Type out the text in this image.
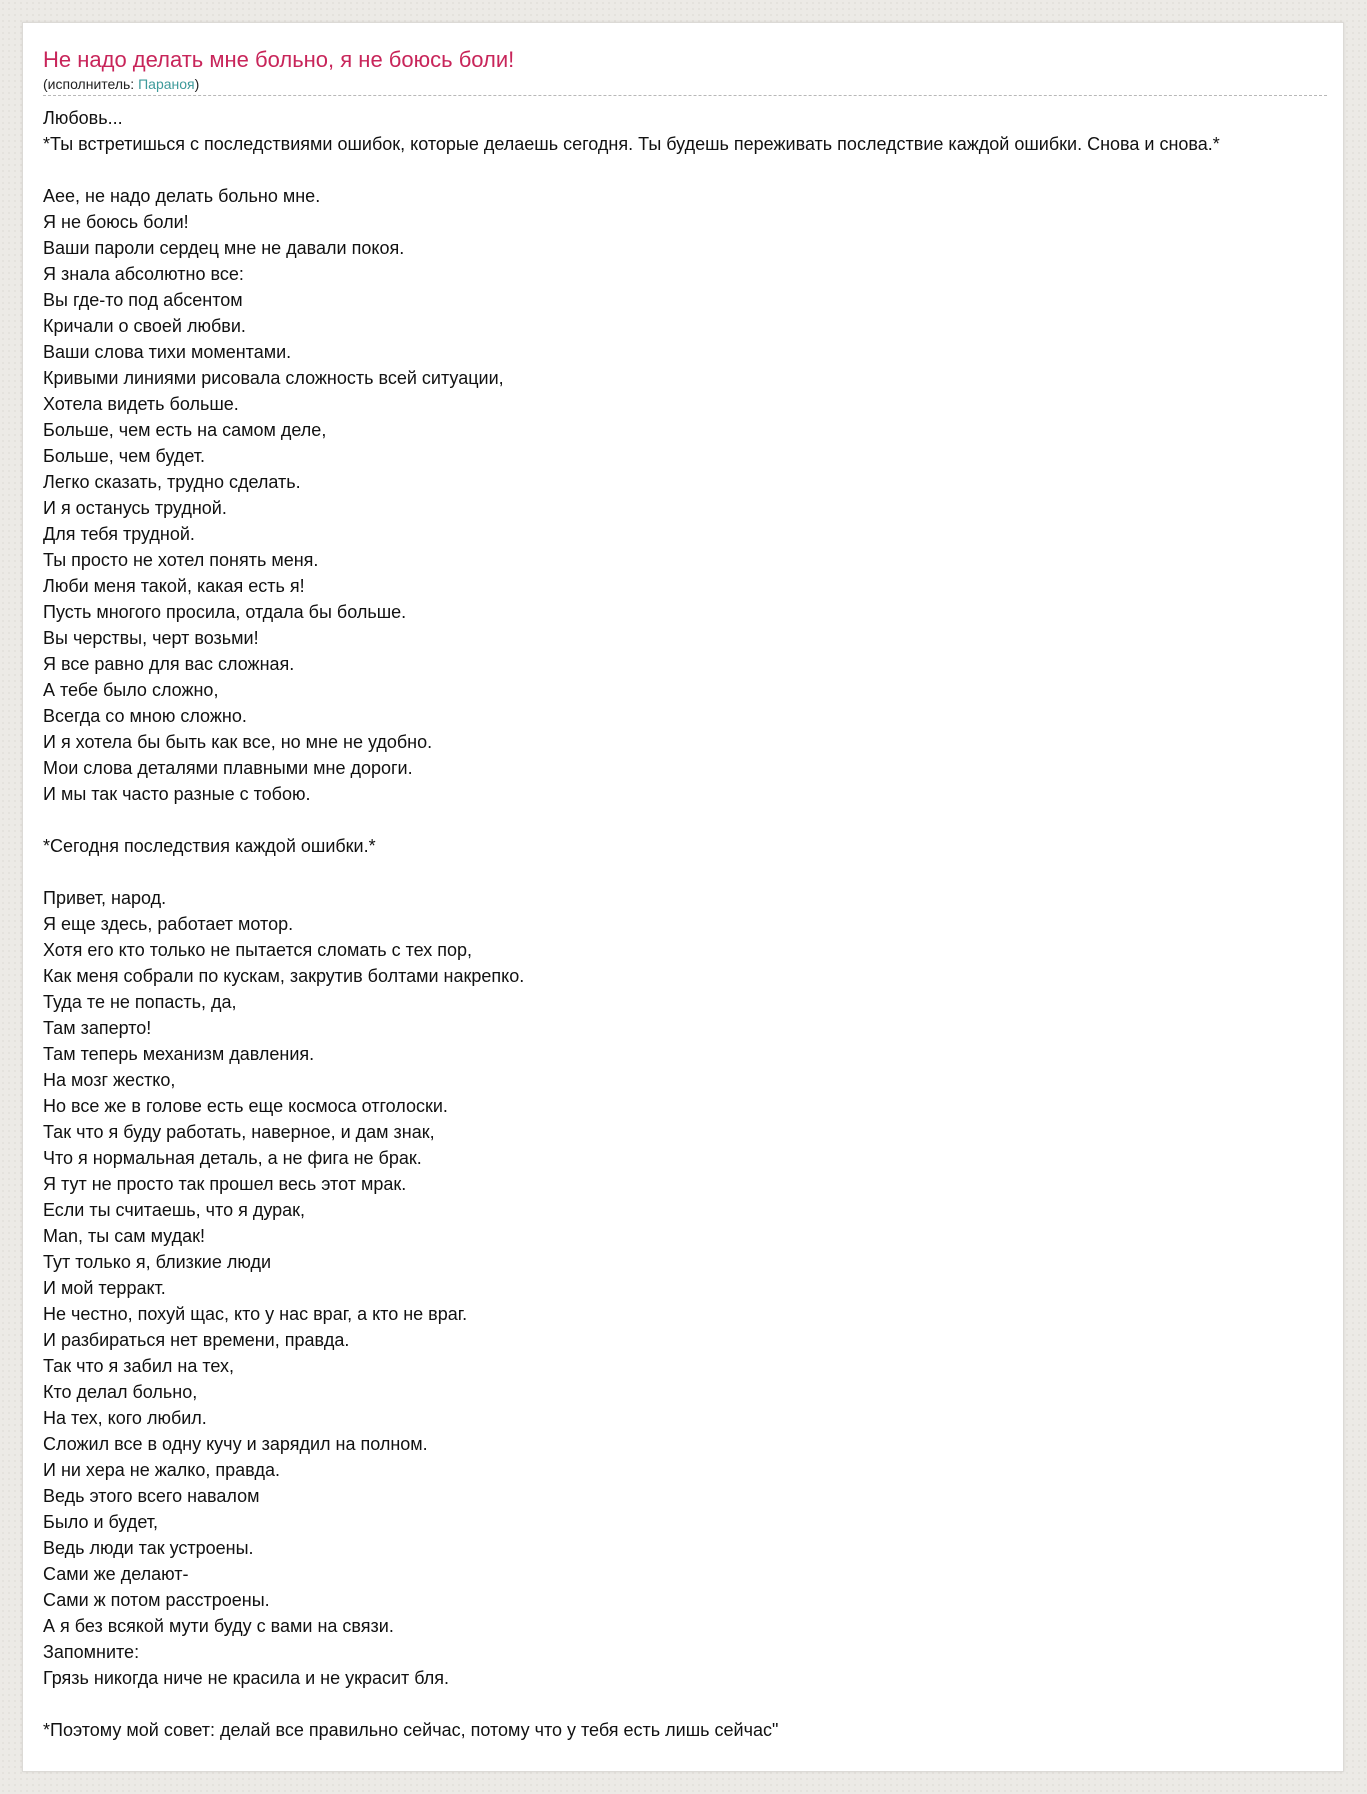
Не надо делать мне больно, я не боюсь боли!
(исполнитель: Параноя)
Любовь...
*Ты встретишься с последствиями ошибок, которые делаешь сегодня. Ты будешь переживать последствие каждой ошибки. Снова и снова.*
Аее, не надо делать больно мне.
Я не боюсь боли!
Ваши пароли сердец мне не давали покоя.
Я знала абсолютно все:
Вы где-то под абсентом
Кричали о своей любви.
Ваши слова тихи моментами.
Кривыми линиями рисовала сложность всей ситуации,
Хотела видеть больше.
Больше, чем есть на самом деле,
Больше, чем будет.
Легко сказать, трудно сделать.
И я останусь трудной.
Для тебя трудной.
Ты просто не хотел понять меня.
Люби меня такой, какая есть я!
Пусть многого просила, отдала бы больше.
Вы черствы, черт возьми!
Я все равно для вас сложная.
А тебе было сложно,
Всегда со мною сложно.
И я хотела бы быть как все, но мне не удобно.
Мои слова деталями плавными мне дороги.
И мы так часто разные с тобою.
*Сегодня последствия каждой ошибки.*
Привет, народ.
Я еще здесь, работает мотор.
Хотя его кто только не пытается сломать с тех пор,
Как меня собрали по кускам, закрутив болтами накрепко.
Туда те не попасть, да,
Там заперто!
Там теперь механизм давления.
На мозг жестко,
Но все же в голове есть еще космоса отголоски.
Так что я буду работать, наверное, и дам знак,
Что я нормальная деталь, а не фига не брак.
Я тут не просто так прошел весь этот мрак.
Если ты считаешь, что я дурак,
Man, ты сам мудак!
Тут только я, близкие люди
И мой терракт.
Не честно, похуй щас, кто у нас враг, а кто не враг.
И разбираться нет времени, правда.
Так что я забил на тех,
Кто делал больно,
На тех, кого любил.
Сложил все в одну кучу и зарядил на полном.
И ни хера не жалко, правда.
Ведь этого всего навалом
Было и будет,
Ведь люди так устроены.
Сами же делают-
Сами ж потом расстроены.
А я без всякой мути буду с вами на связи.
Запомните:
Грязь никогда ниче не красила и не украсит бля.
*Поэтому мой совет: делай все правильно сейчас, потому что у тебя есть лишь сейчас"
